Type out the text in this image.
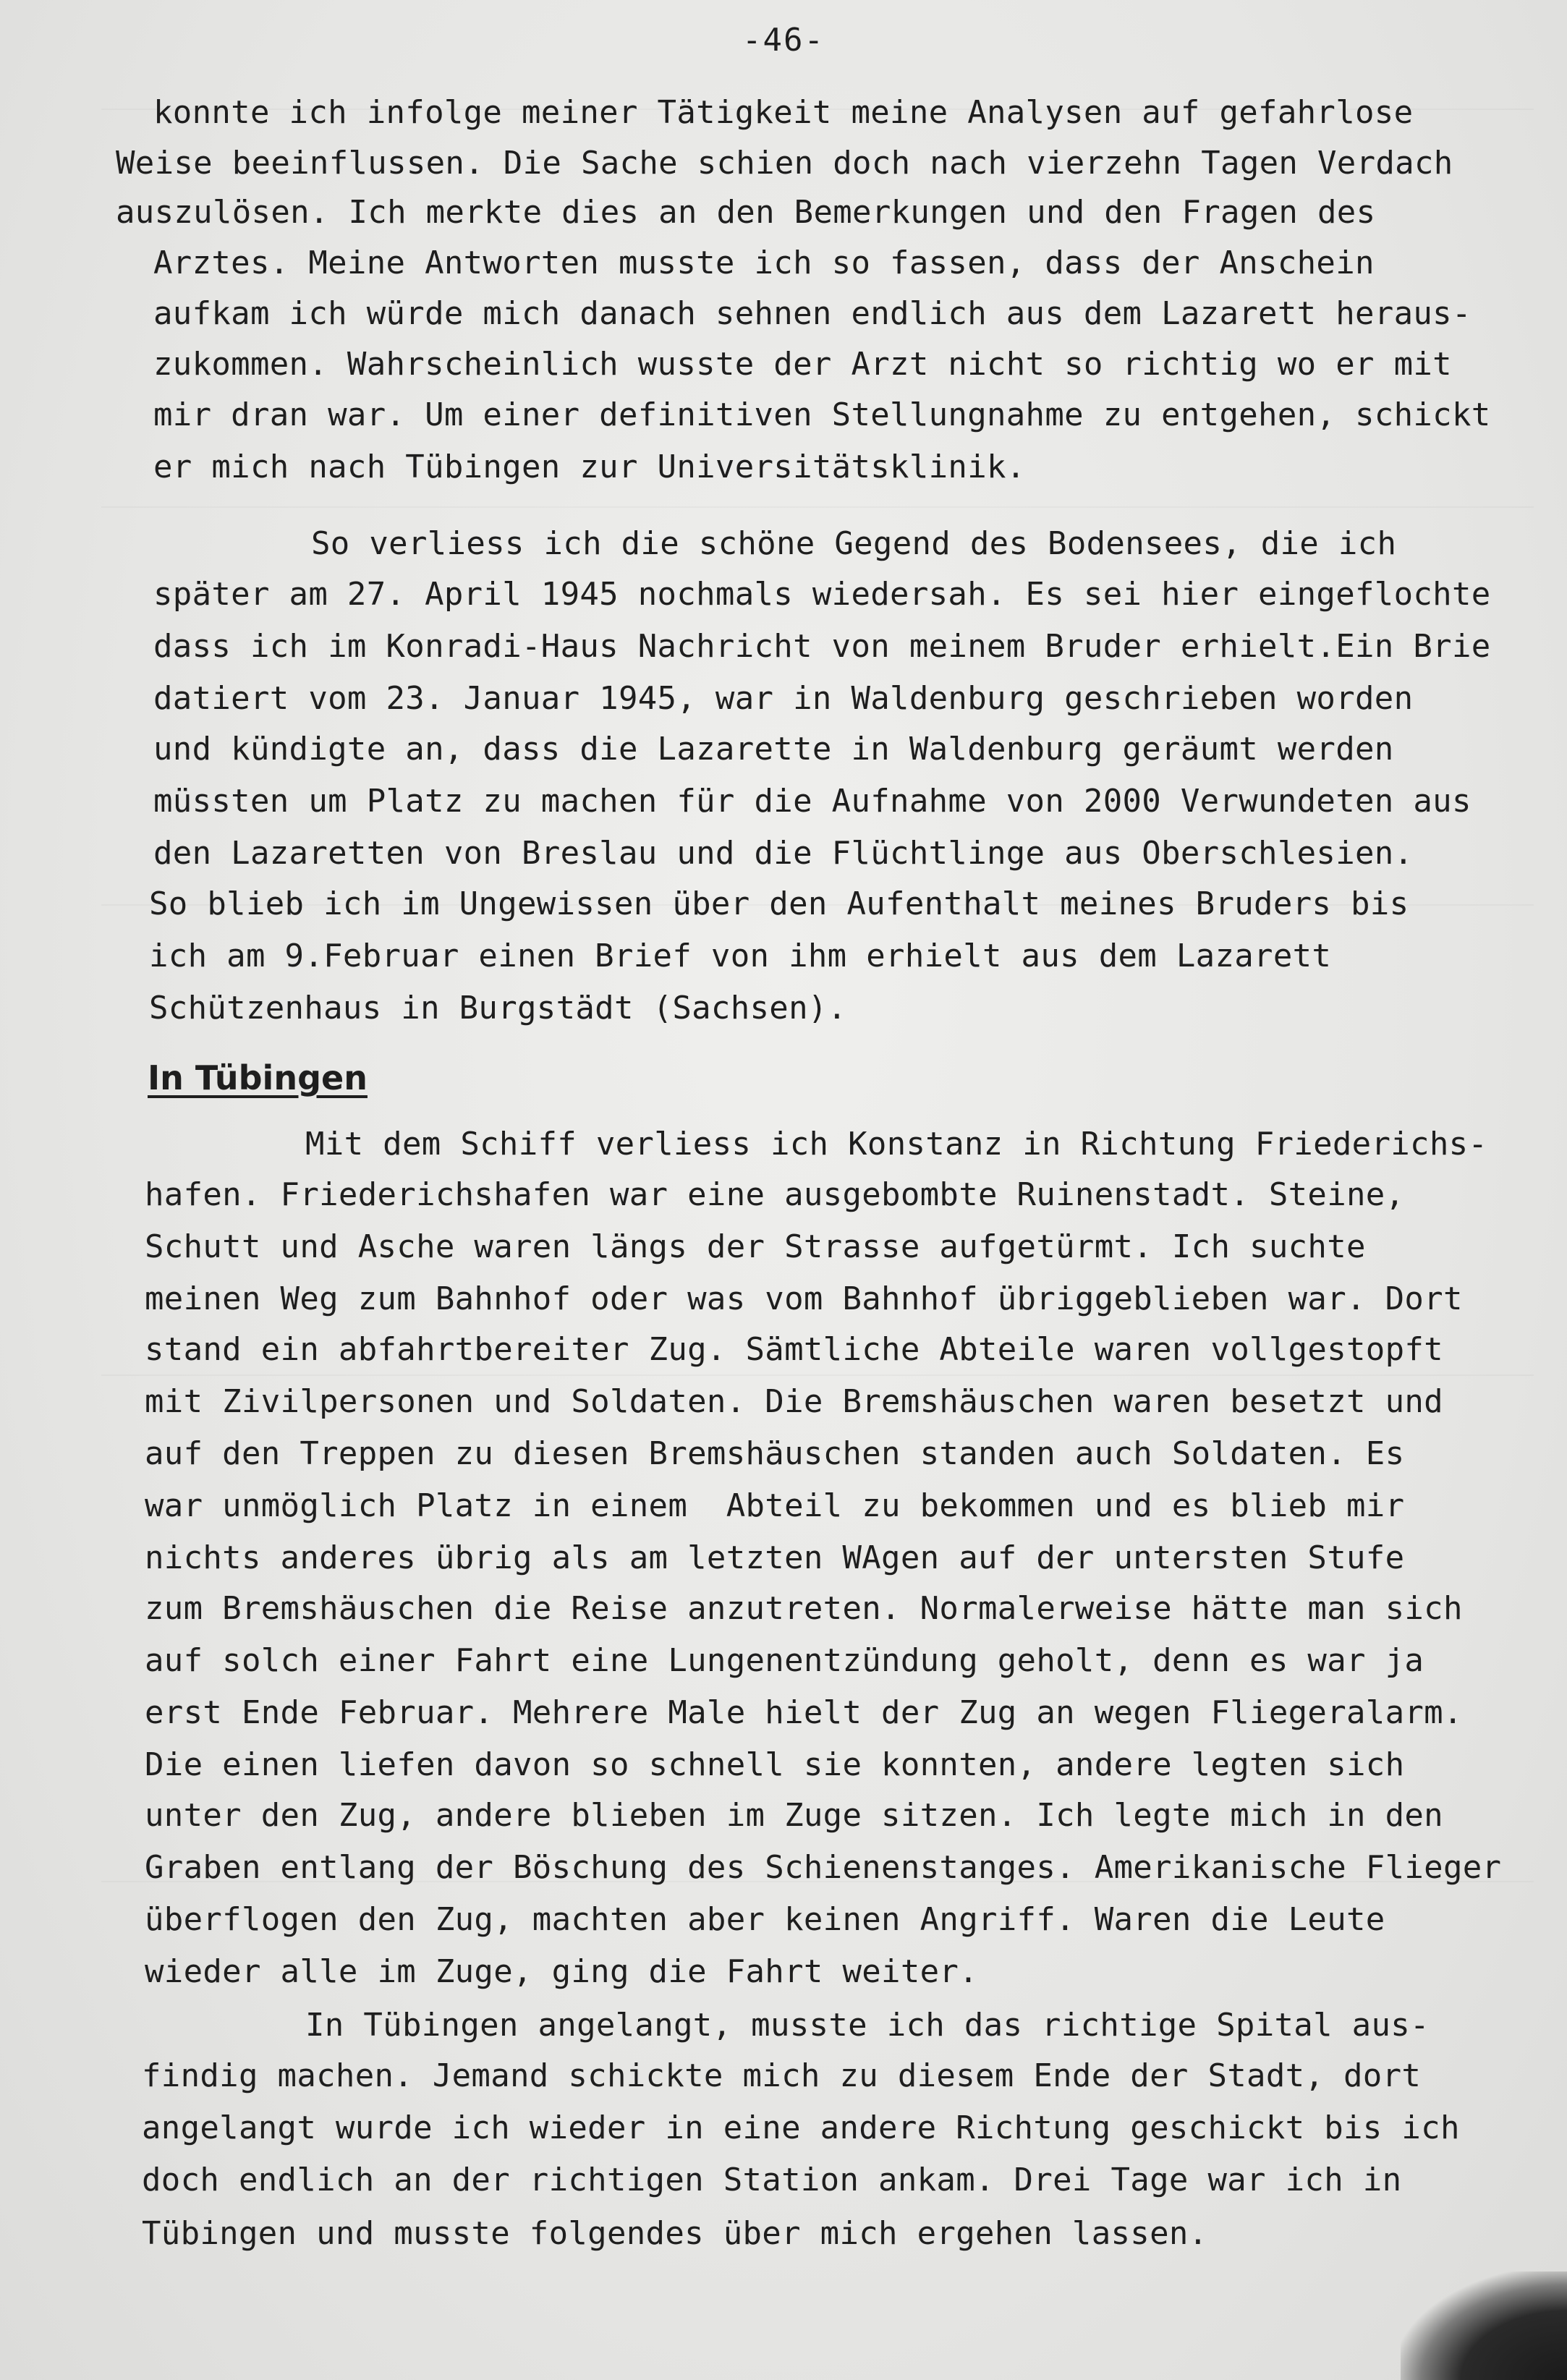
-46-
konnte ich infolge meiner Tätigkeit meine Analysen auf gefahrlose
Weise beeinflussen. Die Sache schien doch nach vierzehn Tagen Verdach
auszulösen. Ich merkte dies an den Bemerkungen und den Fragen des
Arztes. Meine Antworten musste ich so fassen, dass der Anschein
aufkam ich würde mich danach sehnen endlich aus dem Lazarett heraus-
zukommen. Wahrscheinlich wusste der Arzt nicht so richtig wo er mit
mir dran war. Um einer definitiven Stellungnahme zu entgehen, schickt
er mich nach Tübingen zur Universitätsklinik.
So verliess ich die schöne Gegend des Bodensees, die ich
später am 27. April 1945 nochmals wiedersah. Es sei hier eingeflochte
dass ich im Konradi-Haus Nachricht von meinem Bruder erhielt.Ein Brie
datiert vom 23. Januar 1945, war in Waldenburg geschrieben worden
und kündigte an, dass die Lazarette in Waldenburg geräumt werden
müssten um Platz zu machen für die Aufnahme von 2000 Verwundeten aus
den Lazaretten von Breslau und die Flüchtlinge aus Oberschlesien.
So blieb ich im Ungewissen über den Aufenthalt meines Bruders bis
ich am 9.Februar einen Brief von ihm erhielt aus dem Lazarett
Schützenhaus in Burgstädt (Sachsen).
In Tübingen
Mit dem Schiff verliess ich Konstanz in Richtung Friederichs-
hafen. Friederichshafen war eine ausgebombte Ruinenstadt. Steine,
Schutt und Asche waren längs der Strasse aufgetürmt. Ich suchte
meinen Weg zum Bahnhof oder was vom Bahnhof übriggeblieben war. Dort
stand ein abfahrtbereiter Zug. Sämtliche Abteile waren vollgestopft
mit Zivilpersonen und Soldaten. Die Bremshäuschen waren besetzt und
auf den Treppen zu diesen Bremshäuschen standen auch Soldaten. Es
war unmöglich Platz in einem  Abteil zu bekommen und es blieb mir
nichts anderes übrig als am letzten WAgen auf der untersten Stufe
zum Bremshäuschen die Reise anzutreten. Normalerweise hätte man sich
auf solch einer Fahrt eine Lungenentzündung geholt, denn es war ja
erst Ende Februar. Mehrere Male hielt der Zug an wegen Fliegeralarm.
Die einen liefen davon so schnell sie konnten, andere legten sich
unter den Zug, andere blieben im Zuge sitzen. Ich legte mich in den
Graben entlang der Böschung des Schienenstanges. Amerikanische Flieger
überflogen den Zug, machten aber keinen Angriff. Waren die Leute
wieder alle im Zuge, ging die Fahrt weiter.
In Tübingen angelangt, musste ich das richtige Spital aus-
findig machen. Jemand schickte mich zu diesem Ende der Stadt, dort
angelangt wurde ich wieder in eine andere Richtung geschickt bis ich
doch endlich an der richtigen Station ankam. Drei Tage war ich in
Tübingen und musste folgendes über mich ergehen lassen.
